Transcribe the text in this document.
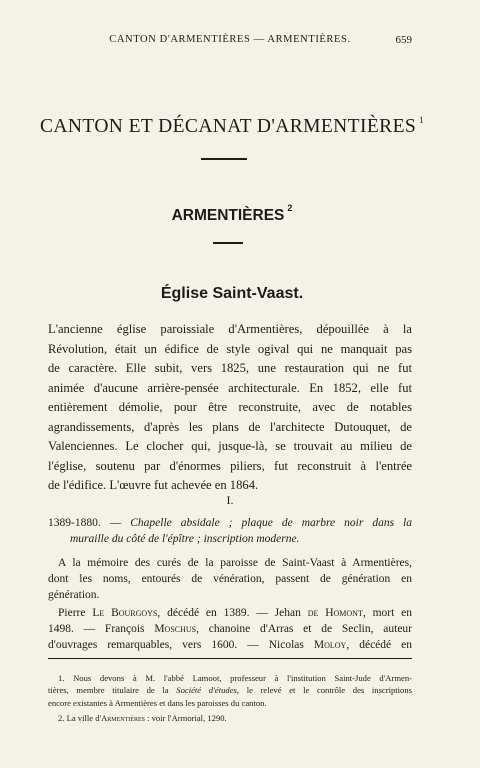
CANTON D'ARMENTIÈRES — ARMENTIÈRES.	659
CANTON ET DÉCANAT D'ARMENTIÈRES $^1$
ARMENTIÈRES $^2$
Église Saint-Vaast.
L'ancienne église paroissiale d'Armentières, dépouillée à la
Révolution, était un édifice de style ogival qui ne manquait pas
de caractère. Elle subit, vers 1825, une restauration qui ne fut
animée d'aucune arrière-pensée architecturale. En 1852, elle fut
entièrement démolie, pour être reconstruite, avec de notables
agrandissements, d'après les plans de l'architecte Dutouquet, de
Valenciennes. Le clocher qui, jusque-là, se trouvait au milieu de
l'église, soutenu par d'énormes piliers, fut reconstruit à l'entrée
de l'édifice. L'œuvre fut achevée en 1864.
I.
1389-1880. — Chapelle absidale ; plaque de marbre noir dans la
muraille du côté de l'épître ; inscription moderne.
A la mémoire des curés de la paroisse de Saint-Vaast à Armentières,
dont les noms, entourés de vénération, passent de génération en
génération.
Pierre Le Bourgoys, décédé en 1389. — Jehan de Homont, mort en
1498. — François Moschus, chanoine d'Arras et de Seclin, auteur
d'ouvrages remarquables, vers 1600. — Nicolas Moloy, décédé en
1. Nous devons à M. l'abbé Lamoot, professeur à l'institution Saint-Jude d'Armen-
tières, membre titulaire de la Société d'études, le relevé et le contrôle des inscriptions
encore existantes à Armentières et dans les paroisses du canton.
2. La ville d'Armentières : voir l'Armorial, 1290.
